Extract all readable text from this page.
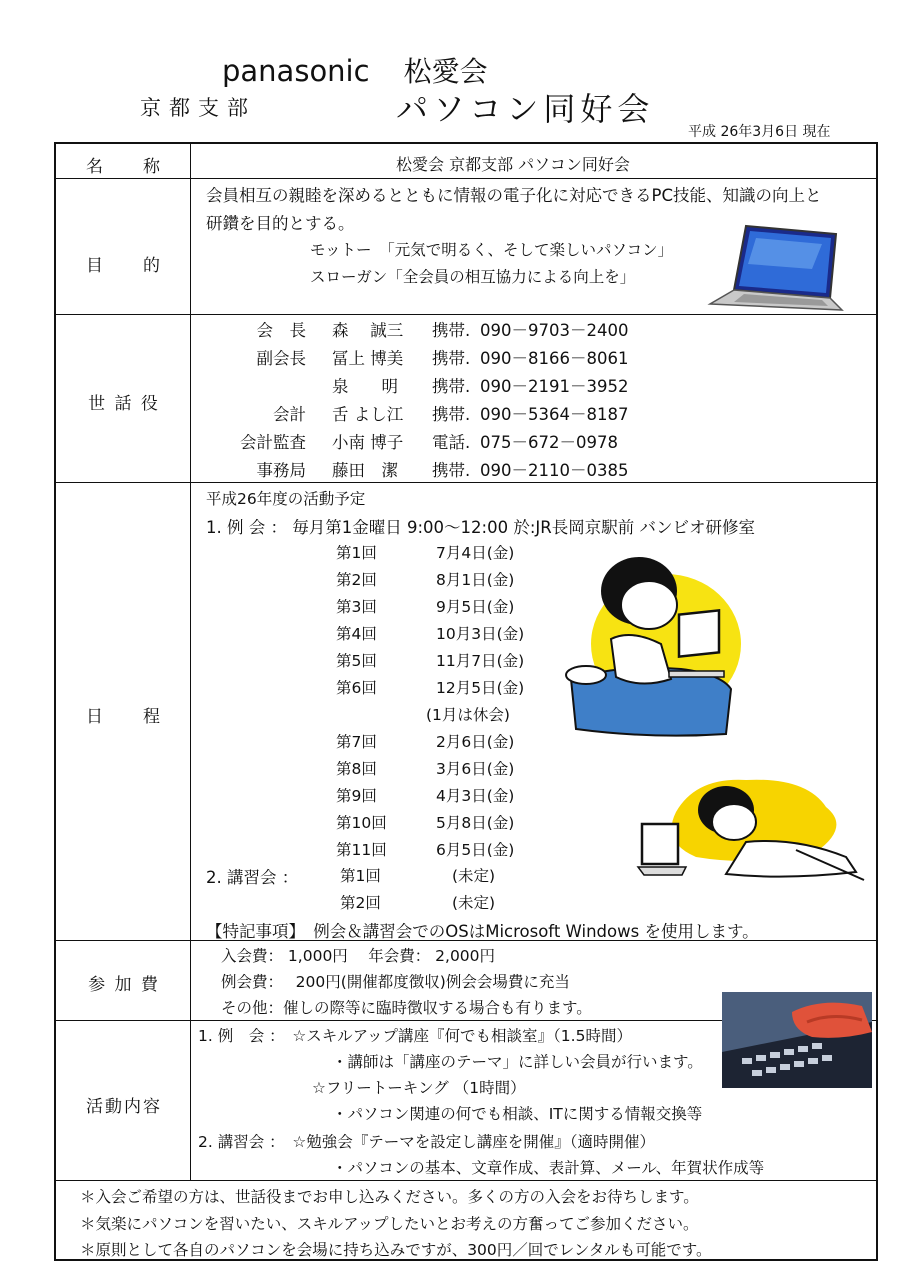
panasonic 松愛会
京都支部	パソコン同好会
平成 26年3月6日 現在
名　　称	松愛会 京都支部 パソコン同好会
目　　的
会員相互の親睦を深めるとともに情報の電子化に対応できるPC技能、知識の向上と
研鑽を目的とする。
モットー　「元気で明るく、そして楽しいパソコン」
スローガン「全会員の相互協力による向上を」
世 話 役
会　長 森　 誠三 携帯. 090－9703－2400
副会長 冨上 博美 携帯. 090－8166－8061
泉　　明 携帯. 090－2191－3952
会計 舌 よし江 携帯. 090－5364－8187
会計監査 小南 博子 電話. 075－672－0978
事務局 藤田　潔 携帯. 090－2110－0385
日　　程
平成26年度の活動予定
1. 例 会 ： 毎月第1金曜日 9:00～12:00 於:JR長岡京駅前 バンビオ研修室
第1回	7月4日(金)
第2回	8月1日(金)
第3回	9月5日(金)
第4回	10月3日(金)
第5回	11月7日(金)
第6回	12月5日(金)
(1月は休会)
第7回	2月6日(金)
第8回	3月6日(金)
第9回	4月3日(金)
第10回	5月8日(金)
第11回	6月5日(金)
2. 講習会 ：	第1回	(未定)
第2回	(未定)
【特記事項】　例会＆講習会でのOSはMicrosoft Windows を使用します。
参 加 費
入会費： 1,000円　 年会費： 2,000円
例会費：　 200円(開催都度徴収)例会会場費に充当
その他：催しの際等に臨時徴収する場合も有ります。
活動内容
1. 例　会 ：　☆スキルアップ講座『何でも相談室』（1.5時間）
・講師は「講座のテーマ」に詳しい会員が行います。
☆フリートーキング （1時間）
・パソコン関連の何でも相談、ITに関する情報交換等
2. 講習会 ：　☆勉強会『テーマを設定し講座を開催』（適時開催）
・パソコンの基本、文章作成、表計算、メール、年賀状作成等
＊入会ご希望の方は、世話役までお申し込みください。多くの方の入会をお待ちします。
＊気楽にパソコンを習いたい、スキルアップしたいとお考えの方奮ってご参加ください。
＊原則として各自のパソコンを会場に持ち込みですが、300円／回でレンタルも可能です。
